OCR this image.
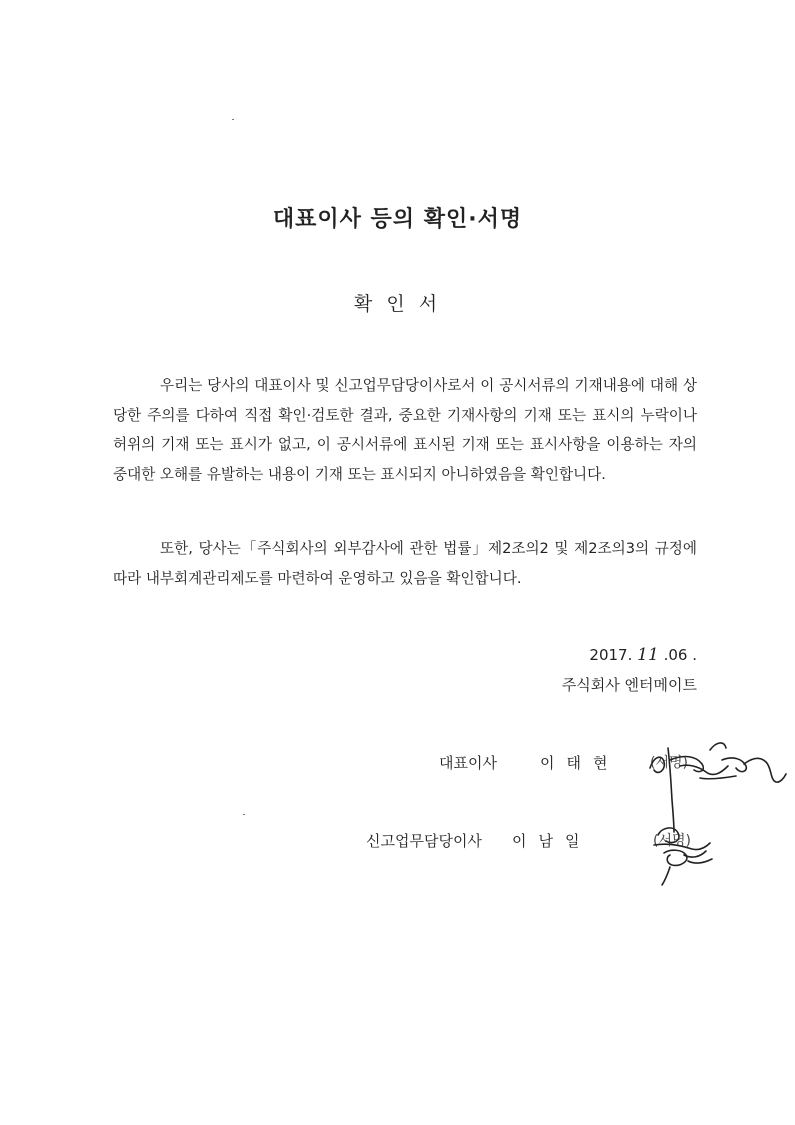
대표이사 등의 확인·서명
확 인 서

우리는 당사의 대표이사 및 신고업무담당이사로서 이 공시서류의 기재내용에 대해 상당한 주의를 다하여 직접 확인·검토한 결과, 중요한 기재사항의 기재 또는 표시의 누락이나 허위의 기재 또는 표시가 없고, 이 공시서류에 표시된 기재 또는 표시사항을 이용하는 자의 중대한 오해를 유발하는 내용이 기재 또는 표시되지 아니하였음을 확인합니다.

또한, 당사는「주식회사의 외부감사에 관한 법률」제2조의2 및 제2조의3의 규정에 따라 내부회계관리제도를 마련하여 운영하고 있음을 확인합니다.

2017. 11 .06 .
주식회사 엔터메이트
대표이사	이태현 (서명)
신고업무담당이사 이남일	(서명)
